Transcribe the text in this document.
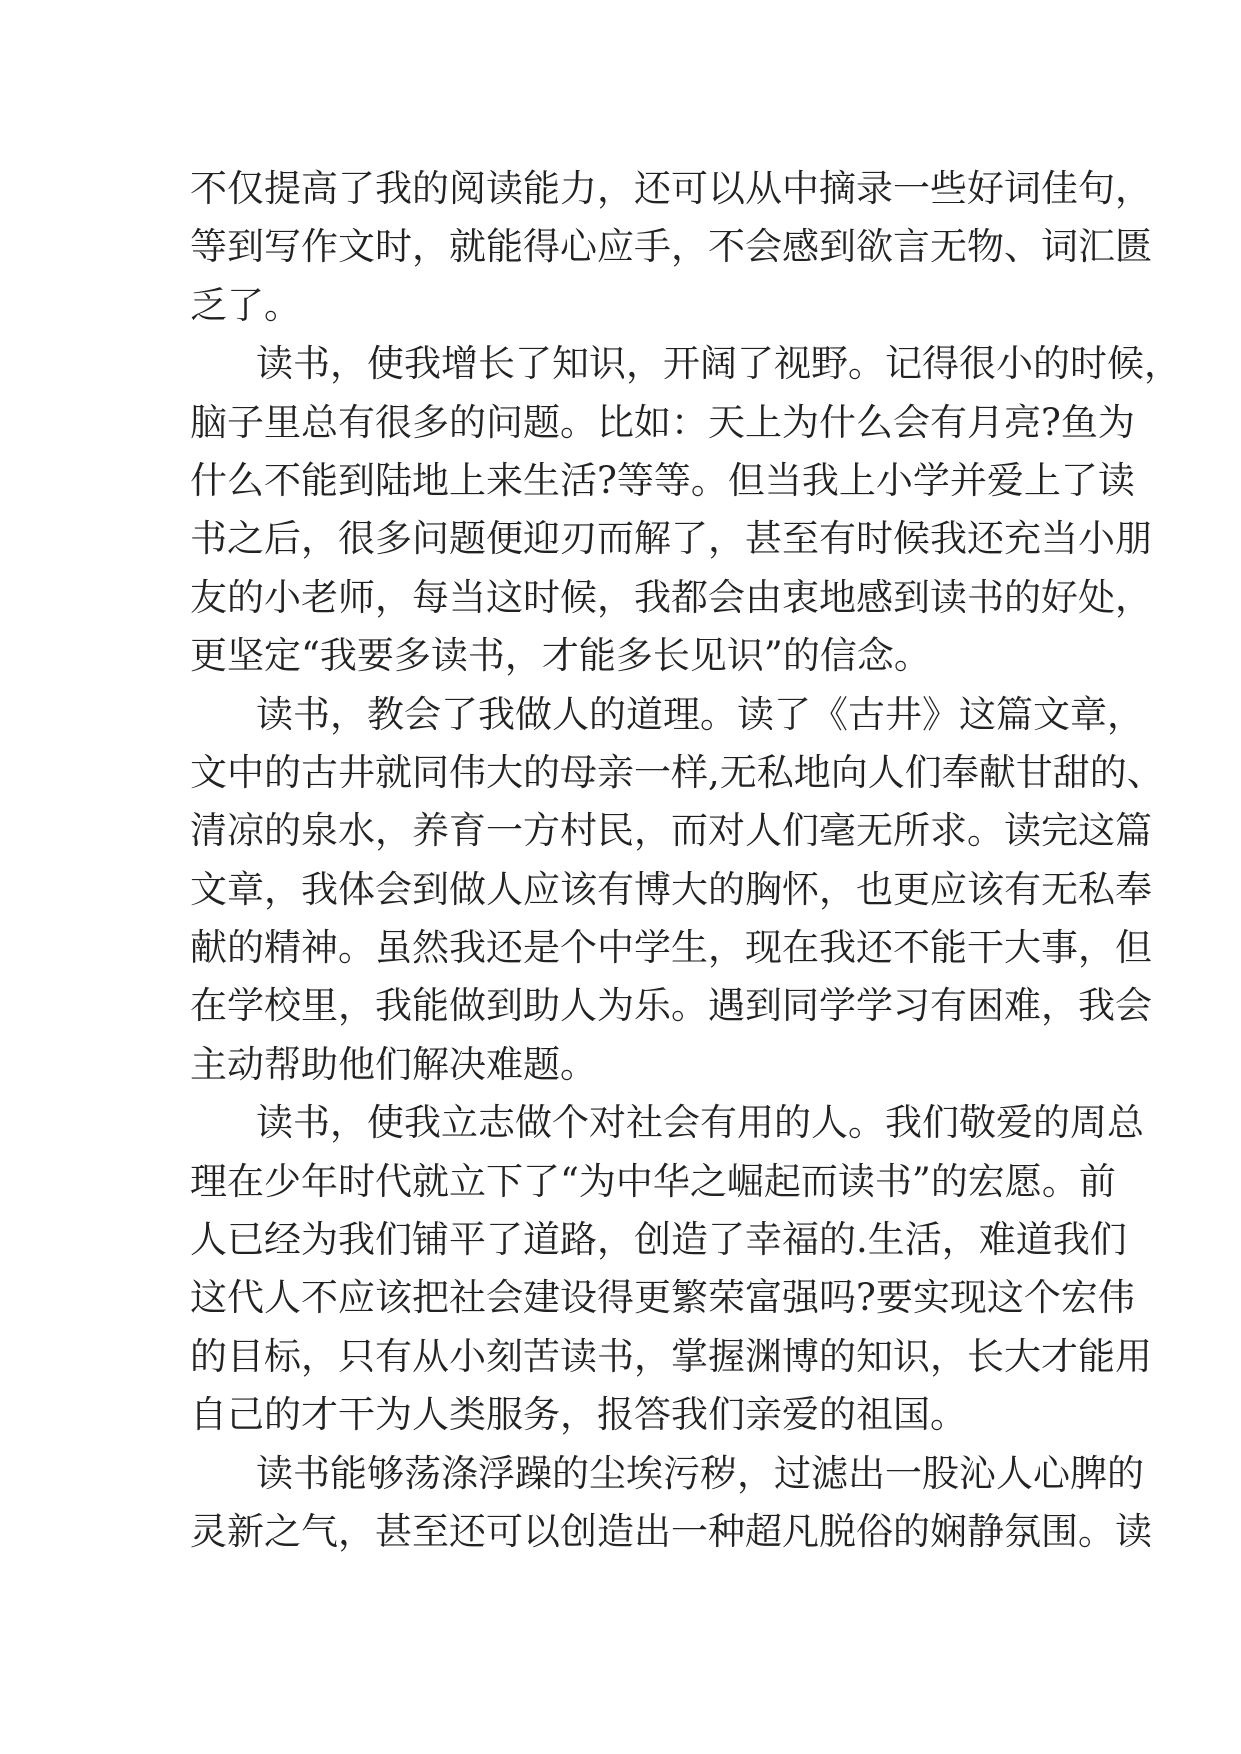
不仅提高了我的阅读能力，还可以从中摘录一些好词佳句，
等到写作文时，就能得心应手，不会感到欲言无物、词汇匮
乏了。
读书，使我增长了知识，开阔了视野。记得很小的时候，
脑子里总有很多的问题。比如：天上为什么会有月亮?鱼为
什么不能到陆地上来生活?等等。但当我上小学并爱上了读
书之后，很多问题便迎刃而解了，甚至有时候我还充当小朋
友的小老师，每当这时候，我都会由衷地感到读书的好处，
更坚定“我要多读书，才能多长见识”的信念。
读书，教会了我做人的道理。读了《古井》这篇文章，
文中的古井就同伟大的母亲一样,无私地向人们奉献甘甜的、
清凉的泉水，养育一方村民，而对人们毫无所求。读完这篇
文章，我体会到做人应该有博大的胸怀，也更应该有无私奉
献的精神。虽然我还是个中学生，现在我还不能干大事，但
在学校里，我能做到助人为乐。遇到同学学习有困难，我会
主动帮助他们解决难题。
读书，使我立志做个对社会有用的人。我们敬爱的周总
理在少年时代就立下了“为中华之崛起而读书”的宏愿。前
人已经为我们铺平了道路，创造了幸福的.生活，难道我们
这代人不应该把社会建设得更繁荣富强吗?要实现这个宏伟
的目标，只有从小刻苦读书，掌握渊博的知识，长大才能用
自己的才干为人类服务，报答我们亲爱的祖国。
读书能够荡涤浮躁的尘埃污秽，过滤出一股沁人心脾的
灵新之气，甚至还可以创造出一种超凡脱俗的娴静氛围。读
